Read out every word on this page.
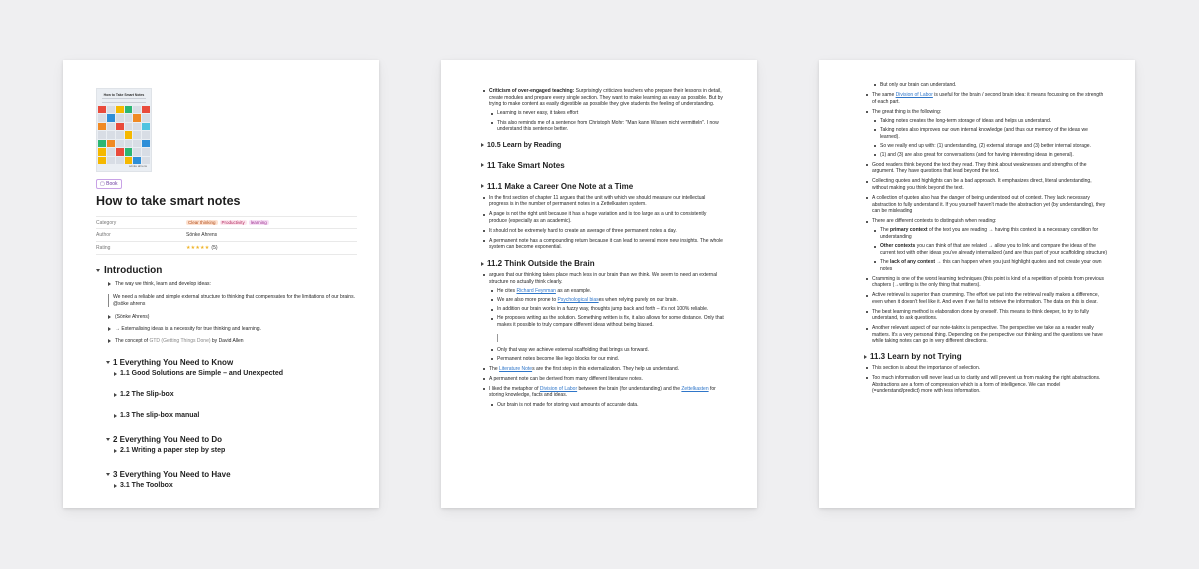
How to Take Smart Notes
sönke ahrens
▢ Book
How to take smart notes
Category	Clear thinking	Productivity	learning
Author	Sönke Ahrens
Rating	★★★★★ (5)
Introduction
The way we think, learn and develop ideas:
We need a reliable and simple external structure to thinking that compensates for the limitations of our brains. @söke ahrens
(Sönke Ahrens)
→ Externalising ideas is a necessity for true thinking and learning.
The concept of GTD (Getting Things Done) by David Allen
1 Everything You Need to Know
1.1 Good Solutions are Simple – and Unexpected
1.2 The Slip-box
1.3 The slip-box manual
2 Everything You Need to Do
2.1 Writing a paper step by step
3 Everything You Need to Have
3.1 The Toolbox
Criticism of over-engaged teaching: Surprisingly criticizes teachers who prepare their lessons in detail, create modules and prepare every single section. They want to make learning as easy as possible. But by trying to make content as easily digestible as possible they give students the feeling of understanding.
Learning is never easy, it takes effort
This also reminds me of a sentence from Christoph Mohr: "Man kann Wissen nicht vermitteln". I now understand this sentence better.
10.5 Learn by Reading
11 Take Smart Notes
11.1 Make a Career One Note at a Time
In the first section of chapter 11 argues that the unit with which we should measure our intellectual progress is in the number of permanent notes in a Zettelkasten system.
A page is not the right unit because it has a huge variation and is too large as a unit to consistently produce (especially as an academic).
It should not be extremely hard to create an average of three permanent notes a day.
A permanent note has a compounding return because it can lead to several more new insights. The whole system can become exponential.
11.2 Think Outside the Brain
argues that our thinking takes place much less in our brain than we think. We seem to need an external structure no actually think clearly.
He cites Richard Feynman as an example.
We are also more prone to Psychological biases when relying purely on our brain.
In addition our brain works in a fuzzy way, thoughts jump back and forth – it's not 100% reliable.
He proposes writing as the solution. Something written is fix, it also allows for some distance. Only that makes it possible to truly compare different ideas without being biased.
Only that way we achieve external scaffolding that brings us forward.
Permanent notes become like lego blocks for our mind.
The Literature Notes are the first step in this externalization. They help us understand.
A permanent note can be derived from many different literature notes.
I liked the metaphor of Division of Labor between the brain (for understanding) and the Zettelkasten for storing knowledge, facts and ideas.
Our brain is not made for storing vast amounts of accurate data.
But only our brain can understand.
The same Division of Labor is useful for the brain / second brain idea: it means focussing on the strength of each part.
The great thing is the following:
Taking notes creates the long-term storage of ideas and helps us understand.
Taking notes also improves our own internal knowledge (and thus our memory of the ideas we learned).
So we really end up with: (1) understanding, (2) external storage and (3) better internal storage.
(1) and (3) are also great for conversations (and for having interesting ideas in general).
Good readers think beyond the text they read. They think about weaknesses and strengths of the argument. They have questions that lead beyond the text.
Collecting quotes and highlights can be a bad approach. It emphasizes direct, literal understanding, without making you think beyond the text.
A collection of quotes also has the danger of being understood out of context. They lack necessary abstraction to fully understand it. If you yourself haven't made the abstraction yet (by understanding), they can be misleading
There are different contexts to distinguish when reading:
The primary context of the text you are reading → having this context is a necessary condition for understanding
Other contexts you can think of that are related → allow you to link and compare the ideas of the current text with other ideas you've already internalized (and are thus part of your scaffolding structure)
The lack of any context → this can happen when you just highlight quotes and not create your own notes
Cramming is one of the worst learning techniques (this point is kind of a repetition of points from previous chapters (→writing is the only thing that matters).
Active retrieval is superior than cramming. The effort we put into the retrieval really makes a difference, even when it doesn't feel like it. And even if we fail to retrieve the information. The data on this is clear.
The best learning method is elaboration done by oneself. This means to think deeper, to try to fully understand, to ask questions.
Another relevant aspect of our note-takinx is perspective. The perspective we take as a reader really matters. It's a very personal thing. Depending on the perspective our thinking and the questions we have while taking notes can go in very different directions.
11.3 Learn by not Trying
This section is about the importance of selection.
Too much information will never lead us to clarity and will prevent us from making the right abstractions. Abstractions are a form of compression which is a form of intelligence. We can model (=understand/predict) more with less information.
